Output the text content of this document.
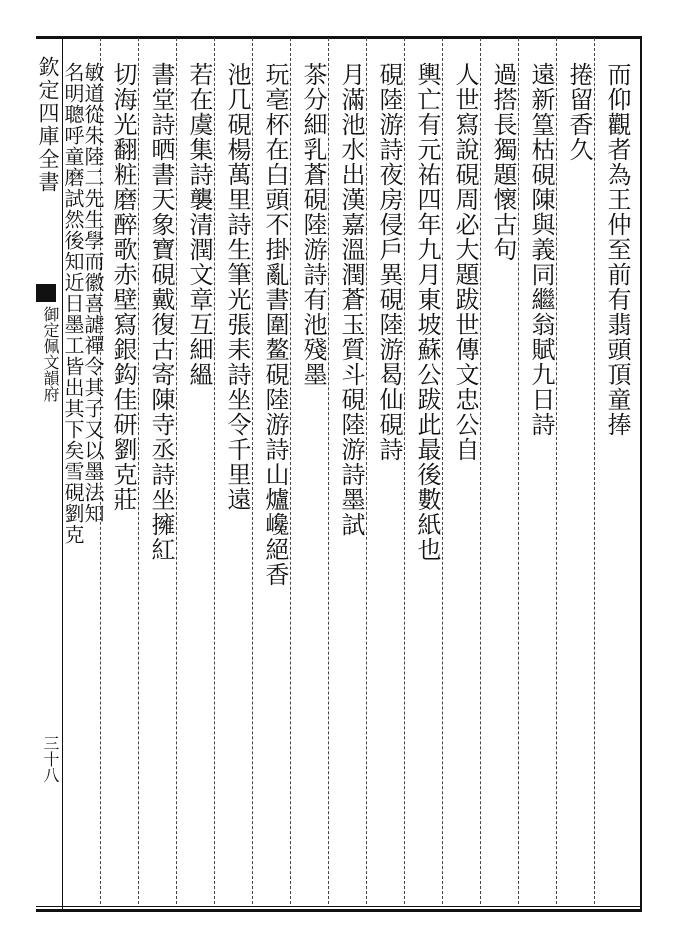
欽定四庫全書
御定佩文韻府
三十八
而仰觀者為王仲至前有翡頭頂童捧
捲留香久
遠新篁枯硯陳與義同繼翁賦九日詩
過搭長獨題懷古句
人世寫說硯周必大題跋世傳文忠公自
輿亡有元祐四年九月東坡蘇公跋此最後數紙也
硯陸游詩夜房侵戶異硯陸游曷仙硯詩
月滿池水出漢嘉溫潤蒼玉質斗硯陸游詩墨試
茶分細乳蒼硯陸游詩有池殘墨
玩亳杯在白頭不掛亂書圍鳌硯陸游詩山爐巉絕香
池几硯楊萬里詩生筆光張耒詩坐令千里遠
若在虞集詩襲清潤文章互細縕
書堂詩晒書天象寶硯戴復古寄陳寺丞詩坐擁紅
切海光翻粧磨醉歌赤壁寫銀鈎佳研劉克莊
敏道從朱陸二先生學而徽喜謔禪令其子又以墨法知
名明聰呼童磨試然後知近日墨工皆出其下矣雪硯劉克
